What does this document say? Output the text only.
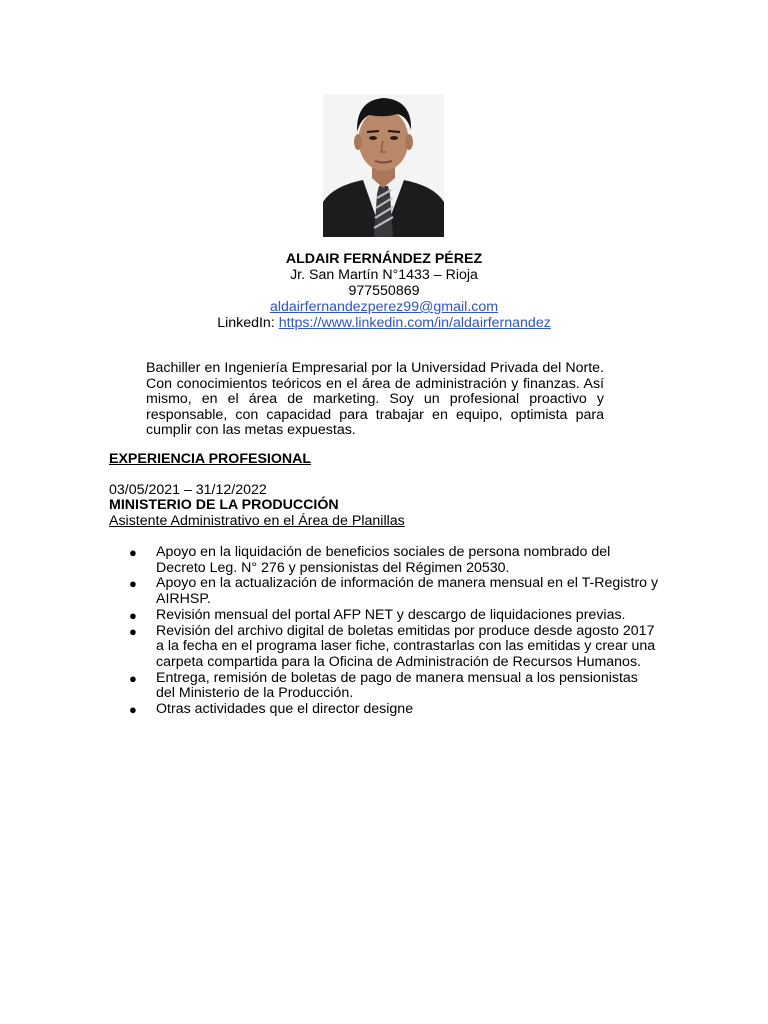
ALDAIR FERNÁNDEZ PÉREZ
Jr. San Martín N°1433 – Rioja
977550869
aldairfernandezperez99@gmail.com
LinkedIn: https://www.linkedin.com/in/aldairfernandez
Bachiller en Ingeniería Empresarial por la Universidad Privada del Norte. Con conocimientos teóricos en el área de administración y finanzas. Así mismo, en el área de marketing. Soy un profesional proactivo y responsable, con capacidad para trabajar en equipo, optimista para cumplir con las metas expuestas.
EXPERIENCIA PROFESIONAL
03/05/2021 – 31/12/2022
MINISTERIO DE LA PRODUCCIÓN
Asistente Administrativo en el Área de Planillas
● Apoyo en la liquidación de beneficios sociales de persona nombrado del Decreto Leg. N° 276 y pensionistas del Régimen 20530.
● Apoyo en la actualización de información de manera mensual en el T-Registro y AIRHSP.
● Revisión mensual del portal AFP NET y descargo de liquidaciones previas.
● Revisión del archivo digital de boletas emitidas por produce desde agosto 2017 a la fecha en el programa laser fiche, contrastarlas con las emitidas y crear una carpeta compartida para la Oficina de Administración de Recursos Humanos.
● Entrega, remisión de boletas de pago de manera mensual a los pensionistas del Ministerio de la Producción.
● Otras actividades que el director designe
